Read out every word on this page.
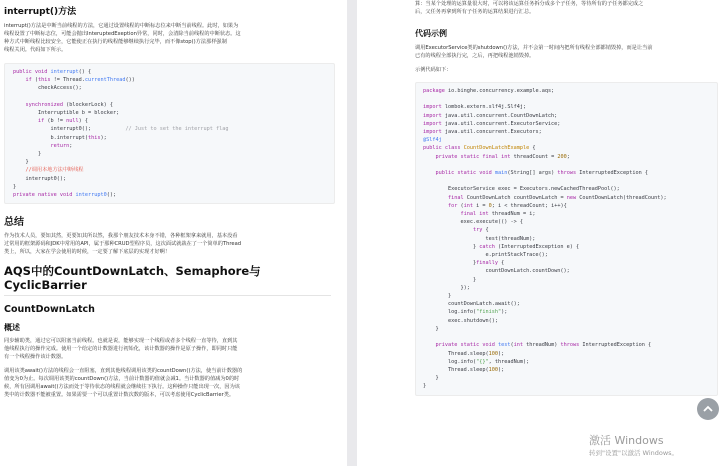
interrupt()方法
interrupt()方法是中断当前线程的方法，它通过设置线程的中断标志位来中断当前线程。此时，如果为
线程设置了中断标志位，可能会抛出InteruptedExeption异常，同时，会清除当前线程的中断状态。这
种方式中断线程比较安全，它能使正在执行的线程能够继续执行完毕，而不像stop()方法那样强制
线程关闭。代码如下所示。
public void interrupt() {
if (this != Thread.currentThread())
checkAccess();
synchronized (blockerLock) {
Interruptible b = blocker;
if (b != null) {
interrupt0();           // Just to set the interrupt flag
b.interrupt(this);
return;
}
}
//调用本地方法中断线程
interrupt0();
}
private native void interrupt0();
总结
作为技术人员，要知其然，更要知其所以然，我那个朋友技术本身不错，各种框架拿来就用，基本没看
过常用的框架源码和JDK中常用的API，属于那种CRUD型程序员，这次面试就栽在了一个简单的Thread
类上，所以，大家在学会使用的时候，一定要了解下底层的实现才好啊！
AQS中的CountDownLatch、Semaphore与
CyclicBarrier
CountDownLatch
概述
同步辅助类，通过它可以阻塞当前线程。也就是说，能够实现一个线程或者多个线程一直等待，直到其
他线程执行的操作完成。使用一个给定的计数器进行初始化，该计数器的操作是原子操作，即同时只能
有一个线程操作该计数器。
调用该类await()方法的线程会一直阻塞，直到其他线程调用该类的countDown()方法，使当前计数器的
值变为0为止。每次调用该类的countDown()方法，当前计数器的值就会减1。当计数器的值减为0的时
候，所有因调用await()方法而处于等待状态的线程就会继续往下执行。这种操作只能出现一次，因为该
类中的计数器不能被重置。如果需要一个可以重置计数次数的版本，可以考虑使用CyclicBarrier类。
算：当某个处理的运算量很大时，可以将该运算任务拆分成多个子任务，等待所有的子任务都完成之
后，父任务再拿到所有子任务的运算结果进行汇总。
代码示例
调用ExecutorService类的shutdown()方法，并不会第一时间内把所有线程全部都销毁掉，而是让当前
已有的线程全部执行完，之后，再把线程池销毁掉。
示例代码如下：
package io.binghe.concurrency.example.aqs;
import lombok.extern.slf4j.Slf4j;
import java.util.concurrent.CountDownLatch;
import java.util.concurrent.ExecutorService;
import java.util.concurrent.Executors;
@Slf4j
public class CountDownLatchExample {
private static final int threadCount = 200;
public static void main(String[] args) throws InterruptedException {
ExecutorService exec = Executors.newCachedThreadPool();
final CountDownLatch countDownLatch = new CountDownLatch(threadCount);
for (int i = 0; i < threadCount; i++){
final int threadNum = i;
exec.execute(() -> {
try {
test(threadNum);
} catch (InterruptedException e) {
e.printStackTrace();
}finally {
countDownLatch.countDown();
}
});
}
countDownLatch.await();
log.info("finish");
exec.shutdown();
}
private static void test(int threadNum) throws InterruptedException {
Thread.sleep(100);
log.info("{}", threadNum);
Thread.sleep(100);
}
}
激活 Windows
转到"设置"以激活 Windows。
